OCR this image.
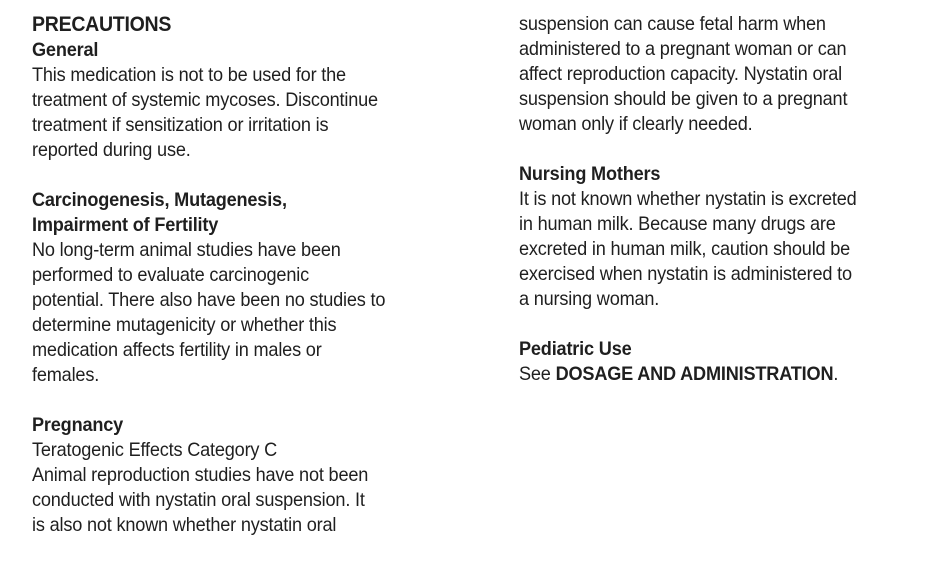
PRECAUTIONS
General
This medication is not to be used for the
treatment of systemic mycoses. Discontinue
treatment if sensitization or irritation is
reported during use.
Carcinogenesis, Mutagenesis,
Impairment of Fertility
No long-term animal studies have been
performed to evaluate carcinogenic
potential. There also have been no studies to
determine mutagenicity or whether this
medication affects fertility in males or
females.
Pregnancy
Teratogenic Effects Category C
Animal reproduction studies have not been
conducted with nystatin oral suspension. It
is also not known whether nystatin oral
suspension can cause fetal harm when
administered to a pregnant woman or can
affect reproduction capacity. Nystatin oral
suspension should be given to a pregnant
woman only if clearly needed.
Nursing Mothers
It is not known whether nystatin is excreted
in human milk. Because many drugs are
excreted in human milk, caution should be
exercised when nystatin is administered to
a nursing woman.
Pediatric Use
See DOSAGE AND ADMINISTRATION.
